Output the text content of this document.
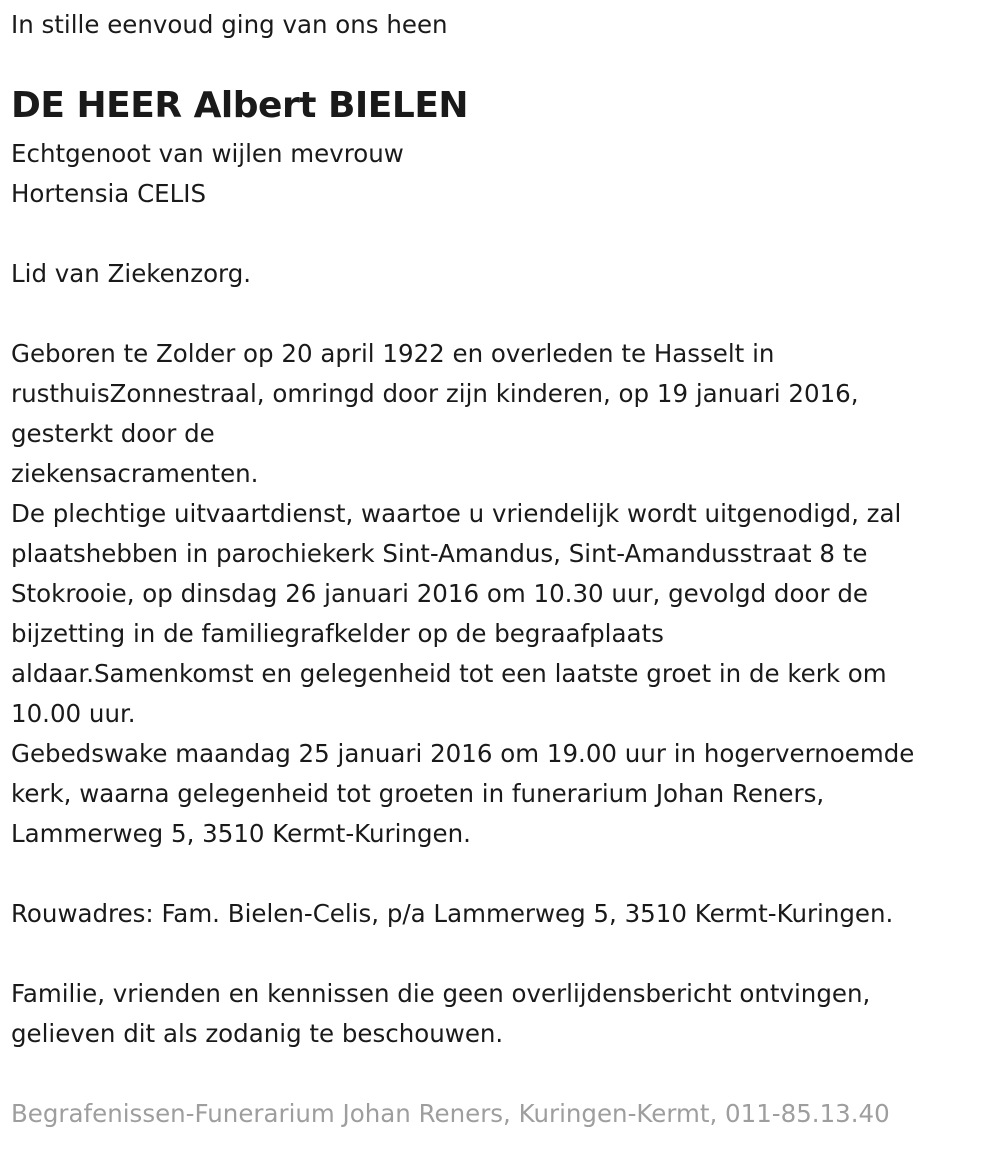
In stille eenvoud ging van ons heen

DE HEER Albert BIELEN

Echtgenoot van wijlen mevrouw

Hortensia CELIS

Lid van Ziekenzorg.

Geboren te Zolder op 20 april 1922 en overleden te Hasselt in

rusthuisZonnestraal, omringd door zijn kinderen, op 19 januari 2016,

gesterkt door de

ziekensacramenten.

De plechtige uitvaartdienst, waartoe u vriendelijk wordt uitgenodigd, zal

plaatshebben in parochiekerk Sint-Amandus, Sint-Amandusstraat 8 te

Stokrooie, op dinsdag 26 januari 2016 om 10.30 uur, gevolgd door de

bijzetting in de familiegrafkelder op de begraafplaats

aldaar.Samenkomst en gelegenheid tot een laatste groet in de kerk om

10.00 uur.

Gebedswake maandag 25 januari 2016 om 19.00 uur in hogervernoemde

kerk, waarna gelegenheid tot groeten in funerarium Johan Reners,

Lammerweg 5, 3510 Kermt-Kuringen.

Rouwadres: Fam. Bielen-Celis, p/a Lammerweg 5, 3510 Kermt-Kuringen.

Familie, vrienden en kennissen die geen overlijdensbericht ontvingen,

gelieven dit als zodanig te beschouwen.

Begrafenissen-Funerarium Johan Reners, Kuringen-Kermt, 011-85.13.40
